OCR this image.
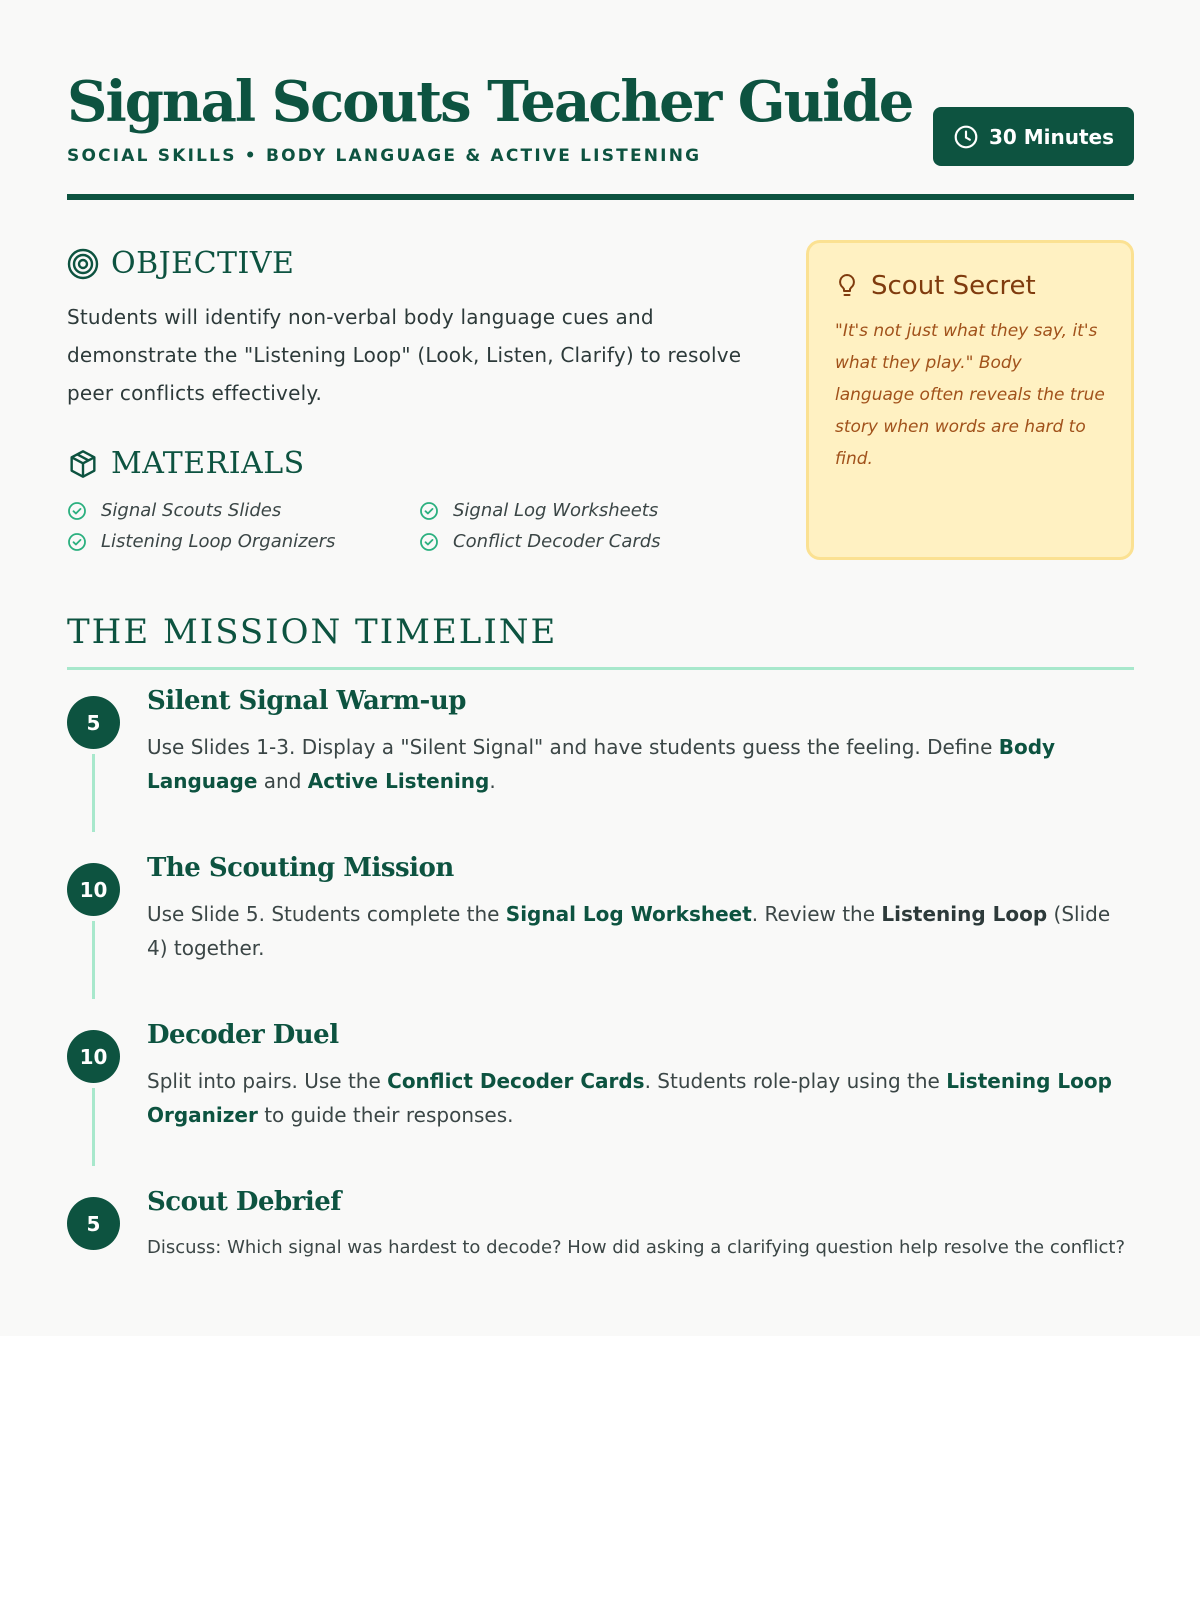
Signal Scouts Teacher Guide
SOCIAL SKILLS • BODY LANGUAGE & ACTIVE LISTENING
30 Minutes
OBJECTIVE
Students will identify non-verbal body language cues and demonstrate the "Listening Loop" (Look, Listen, Clarify) to resolve peer conflicts effectively.
MATERIALS
Signal Scouts Slides	Signal Log Worksheets
Listening Loop Organizers	Conflict Decoder Cards
Scout Secret
"It's not just what they say, it's what they play." Body language often reveals the true story when words are hard to find.
THE MISSION TIMELINE
5
Silent Signal Warm-up
Use Slides 1-3. Display a "Silent Signal" and have students guess the feeling. Define Body Language and Active Listening.
10
The Scouting Mission
Use Slide 5. Students complete the Signal Log Worksheet. Review the Listening Loop (Slide 4) together.
10
Decoder Duel
Split into pairs. Use the Conflict Decoder Cards. Students role-play using the Listening Loop Organizer to guide their responses.
5
Scout Debrief
Discuss: Which signal was hardest to decode? How did asking a clarifying question help resolve the conflict?
